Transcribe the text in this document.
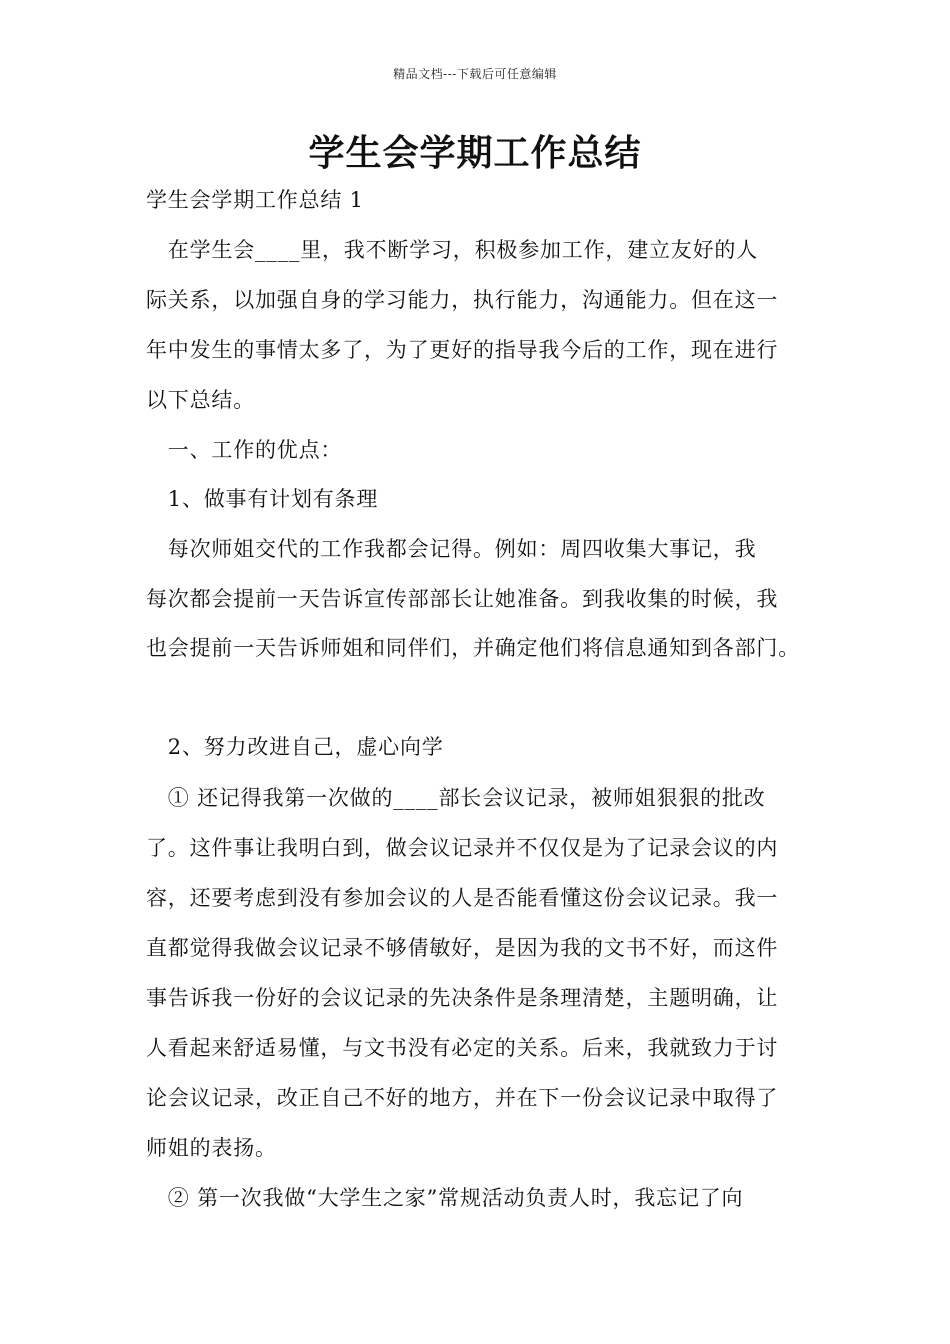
精品文档---下载后可任意编辑
学生会学期工作总结
学生会学期工作总结 1
　在学生会____里，我不断学习，积极参加工作，建立友好的人
际关系，以加强自身的学习能力，执行能力，沟通能力。但在这一
年中发生的事情太多了，为了更好的指导我今后的工作，现在进行
以下总结。
　一、工作的优点：
　1、做事有计划有条理
　每次师姐交代的工作我都会记得。例如：周四收集大事记，我
每次都会提前一天告诉宣传部部长让她准备。到我收集的时候，我
也会提前一天告诉师姐和同伴们，并确定他们将信息通知到各部门。
　2、努力改进自己，虚心向学
　① 还记得我第一次做的____部长会议记录，被师姐狠狠的批改
了。这件事让我明白到，做会议记录并不仅仅是为了记录会议的内
容，还要考虑到没有参加会议的人是否能看懂这份会议记录。我一
直都觉得我做会议记录不够倩敏好，是因为我的文书不好，而这件
事告诉我一份好的会议记录的先决条件是条理清楚，主题明确，让
人看起来舒适易懂，与文书没有必定的关系。后来，我就致力于讨
论会议记录，改正自己不好的地方，并在下一份会议记录中取得了
师姐的表扬。
　② 第一次我做“大学生之家”常规活动负责人时，我忘记了向
